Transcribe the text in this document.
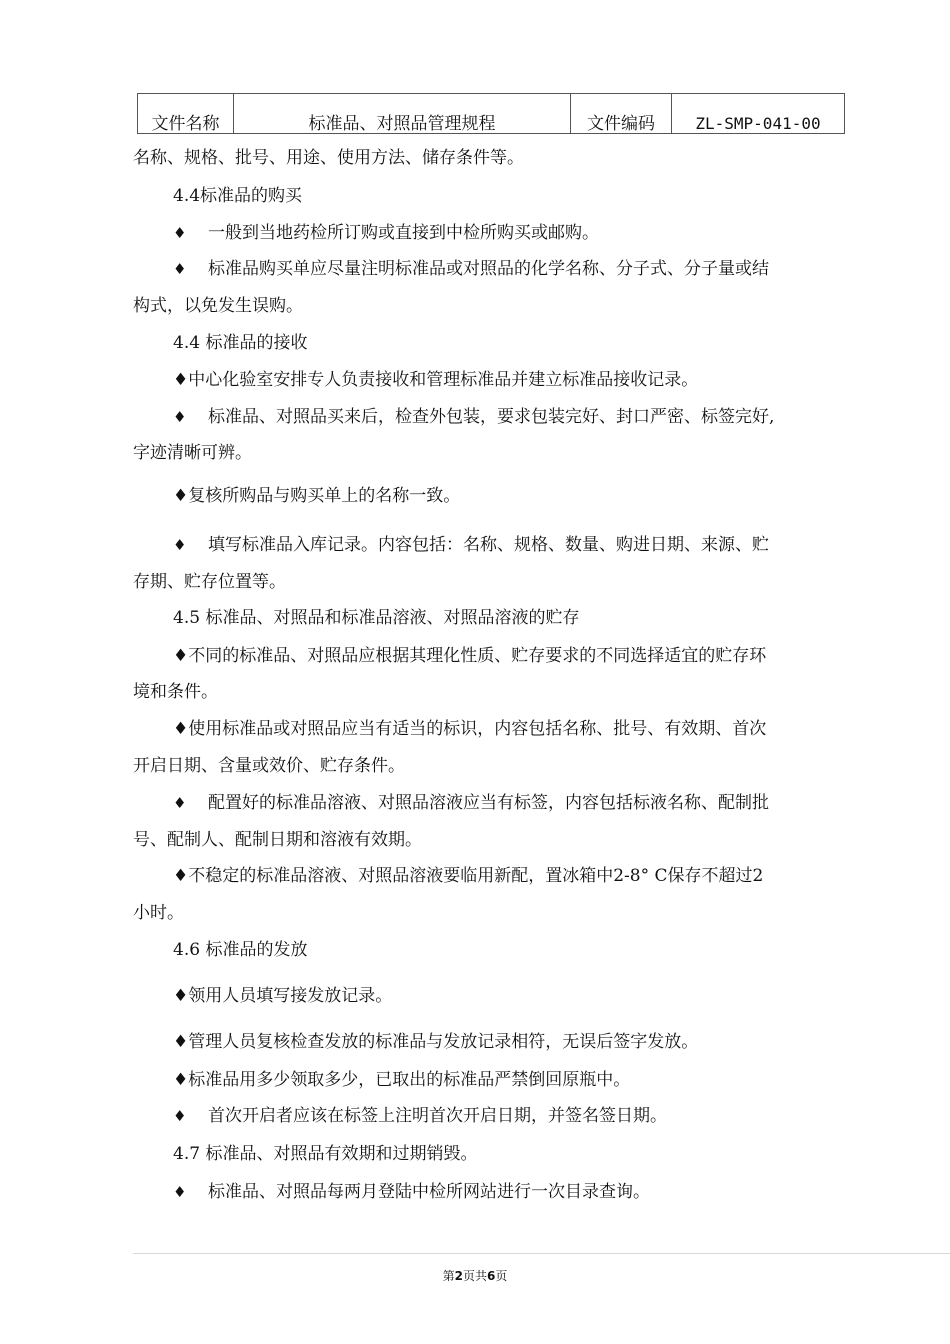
文件名称	标准品、对照品管理规程	文件编码	ZL-SMP-041-00
名称、规格、批号、用途、使用方法、储存条件等。
4.4标准品的购买
♦ 一般到当地药检所订购或直接到中检所购买或邮购。
♦ 标准品购买单应尽量注明标准品或对照品的化学名称、分子式、分子量或结
构式，以免发生误购。
4.4 标准品的接收
♦中心化验室安排专人负责接收和管理标准品并建立标准品接收记录。
♦ 标准品、对照品买来后，检查外包装，要求包装完好、封口严密、标签完好,
字迹清晰可辨。
♦复核所购品与购买单上的名称一致。
♦ 填写标准品入库记录。内容包括：名称、规格、数量、购进日期、来源、贮
存期、贮存位置等。
4.5 标准品、对照品和标准品溶液、对照品溶液的贮存
♦不同的标准品、对照品应根据其理化性质、贮存要求的不同选择适宜的贮存环
境和条件。
♦使用标准品或对照品应当有适当的标识，内容包括名称、批号、有效期、首次
开启日期、含量或效价、贮存条件。
♦ 配置好的标准品溶液、对照品溶液应当有标签，内容包括标液名称、配制批
号、配制人、配制日期和溶液有效期。
♦不稳定的标准品溶液、对照品溶液要临用新配，置冰箱中2-8° C保存不超过2
小时。
4.6 标准品的发放
♦领用人员填写接发放记录。
♦管理人员复核检查发放的标准品与发放记录相符，无误后签字发放。
♦标准品用多少领取多少，已取出的标准品严禁倒回原瓶中。
♦ 首次开启者应该在标签上注明首次开启日期，并签名签日期。
4.7 标准品、对照品有效期和过期销毁。
♦ 标准品、对照品每两月登陆中检所网站进行一次目录查询。
第2页共6页
